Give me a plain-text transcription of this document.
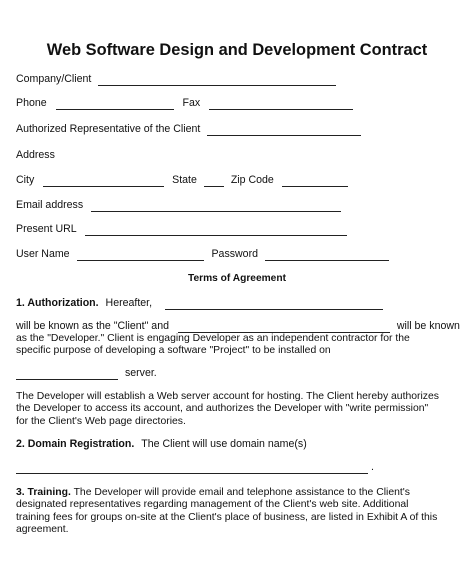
Web Software Design and Development Contract
Company/Client
Phone	Fax
Authorized Representative of the Client
Address
City	State	Zip Code
Email address
Present URL
User Name	Password
Terms of Agreement
1. Authorization. Hereafter,
will be known as the "Client" and	will be known
as the "Developer." Client is engaging Developer as an independent contractor for the
specific purpose of developing a software "Project" to be installed on
server.
The Developer will establish a Web server account for hosting. The Client hereby authorizes
the Developer to access its account, and authorizes the Developer with "write permission"
for the Client's Web page directories.
2. Domain Registration. The Client will use domain name(s)
.
3. Training. The Developer will provide email and telephone assistance to the Client's
designated representatives regarding management of the Client's web site. Additional
training fees for groups on-site at the Client's place of business, are listed in Exhibit A of this
agreement.
